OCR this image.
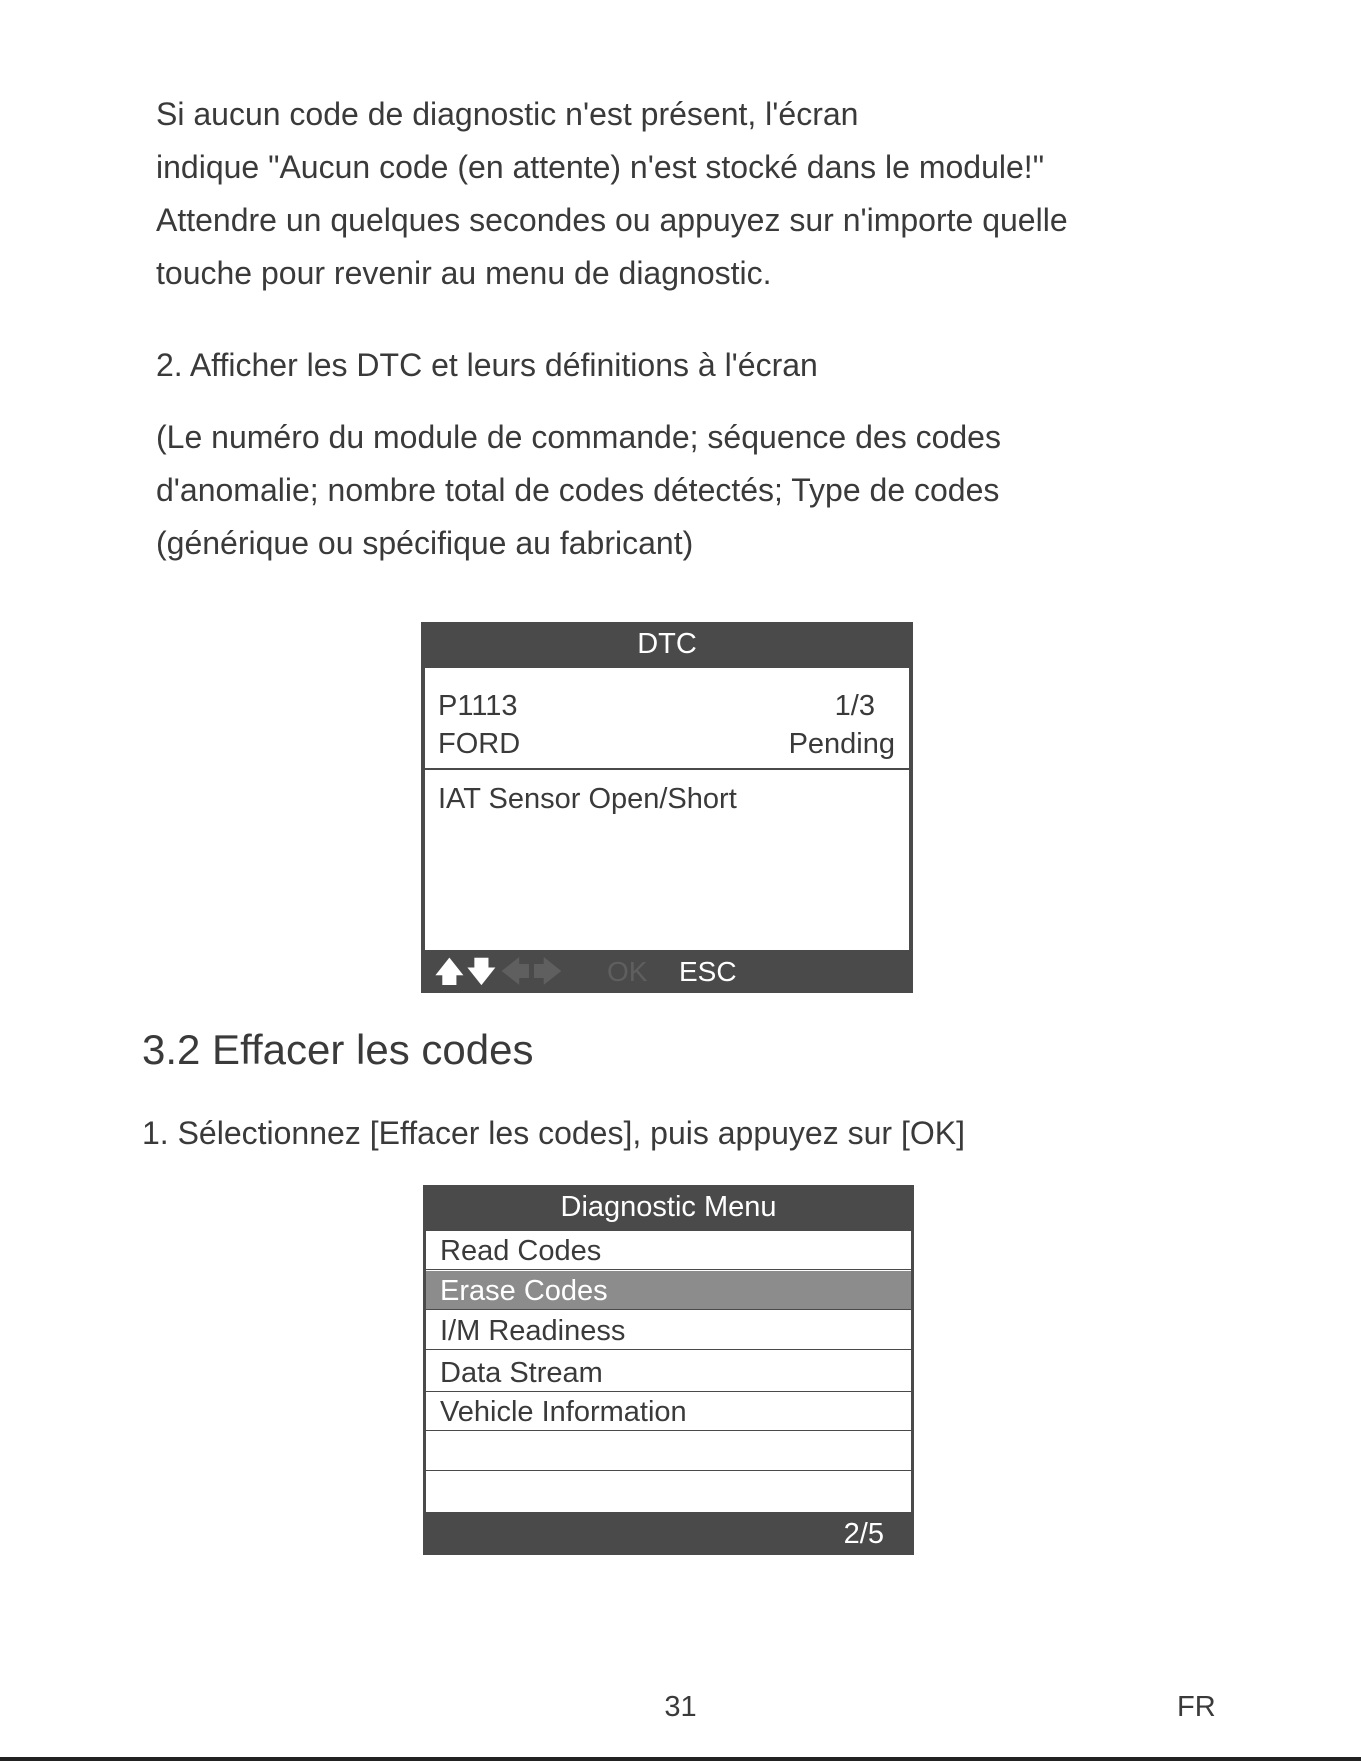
Si aucun code de diagnostic n'est présent, l'écran
indique "Aucun code (en attente) n'est stocké dans le module!"
Attendre un quelques secondes ou appuyez sur n'importe quelle
touche pour revenir au menu de diagnostic.

2. Afficher les DTC et leurs définitions à l'écran

(Le numéro du module de commande; séquence des codes
d'anomalie; nombre total de codes détectés; Type de codes
(générique ou spécifique au fabricant)

DTC
P1113	1/3
FORD	Pending
IAT Sensor Open/Short
🡅 🡇 🡄 🡆 OK ESC
3.2 Effacer les codes

1. Sélectionnez [Effacer les codes], puis appuyez sur [OK]

Diagnostic Menu
Read Codes
Erase Codes
I/M Readiness
Data Stream
Vehicle Information
2/5
31	FR
